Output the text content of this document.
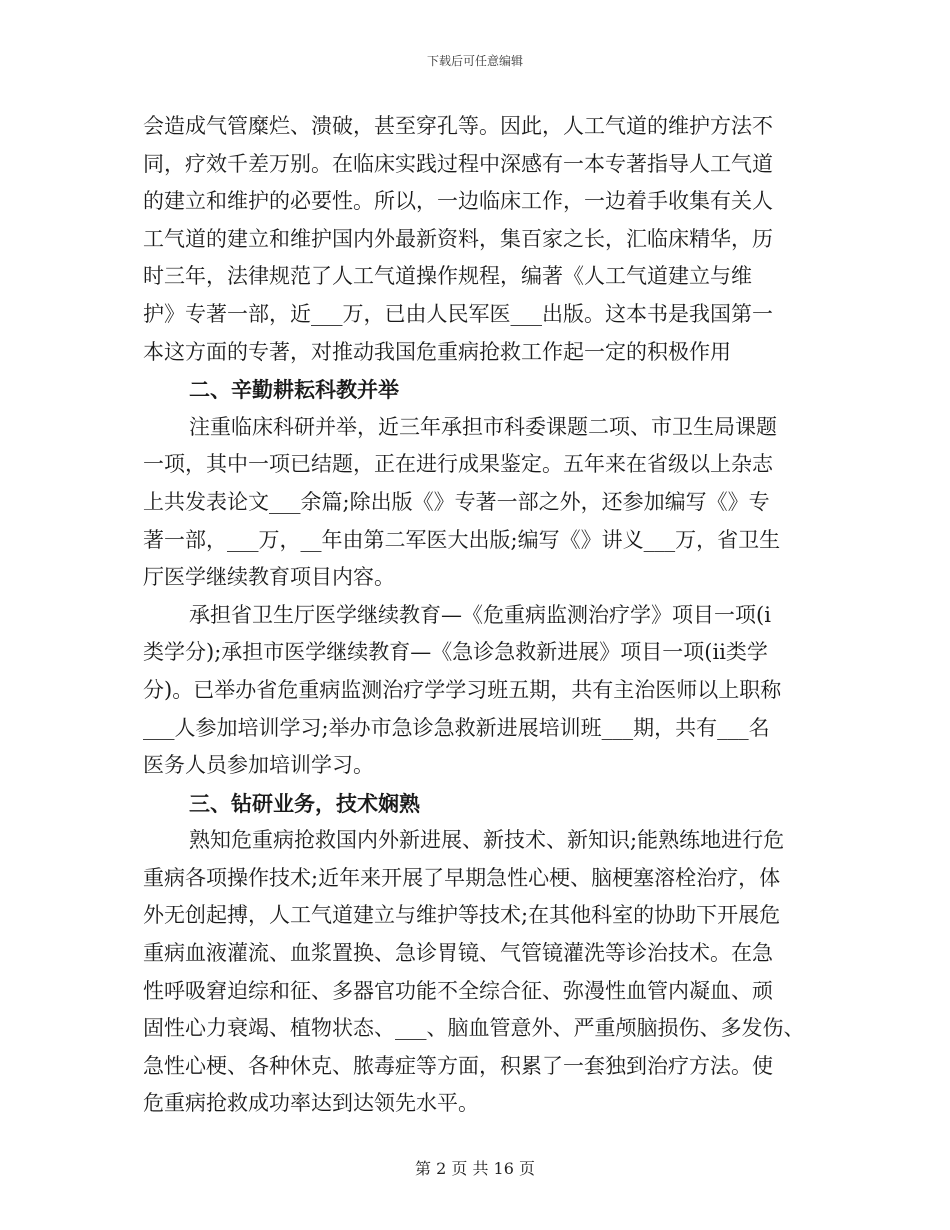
下载后可任意编辑
会造成气管糜烂、溃破，甚至穿孔等。因此，人工气道的维护方法不
同，疗效千差万别。在临床实践过程中深感有一本专著指导人工气道
的建立和维护的必要性。所以，一边临床工作，一边着手收集有关人
工气道的建立和维护国内外最新资料，集百家之长，汇临床精华，历
时三年，法律规范了人工气道操作规程，编著《人工气道建立与维
护》专著一部，近___万，已由人民军医___出版。这本书是我国第一
本这方面的专著，对推动我国危重病抢救工作起一定的积极作用
二、辛勤耕耘科教并举
注重临床科研并举，近三年承担市科委课题二项、市卫生局课题
一项，其中一项已结题，正在进行成果鉴定。五年来在省级以上杂志
上共发表论文___余篇;除出版《》专著一部之外，还参加编写《》专
著一部，___万，__年由第二军医大出版;编写《》讲义___万，省卫生
厅医学继续教育项目内容。
承担省卫生厅医学继续教育—《危重病监测治疗学》项目一项(ⅰ
类学分);承担市医学继续教育—《急诊急救新进展》项目一项(ⅱ类学
分)。已举办省危重病监测治疗学学习班五期，共有主治医师以上职称
___人参加培训学习;举办市急诊急救新进展培训班___期，共有___名
医务人员参加培训学习。
三、钻研业务，技术娴熟
熟知危重病抢救国内外新进展、新技术、新知识;能熟练地进行危
重病各项操作技术;近年来开展了早期急性心梗、脑梗塞溶栓治疗，体
外无创起搏，人工气道建立与维护等技术;在其他科室的协助下开展危
重病血液灌流、血浆置换、急诊胃镜、气管镜灌洗等诊治技术。在急
性呼吸窘迫综和征、多器官功能不全综合征、弥漫性血管内凝血、顽
固性心力衰竭、植物状态、___、脑血管意外、严重颅脑损伤、多发伤、
急性心梗、各种休克、脓毒症等方面，积累了一套独到治疗方法。使
危重病抢救成功率达到达领先水平。
第 2 页 共 16 页
